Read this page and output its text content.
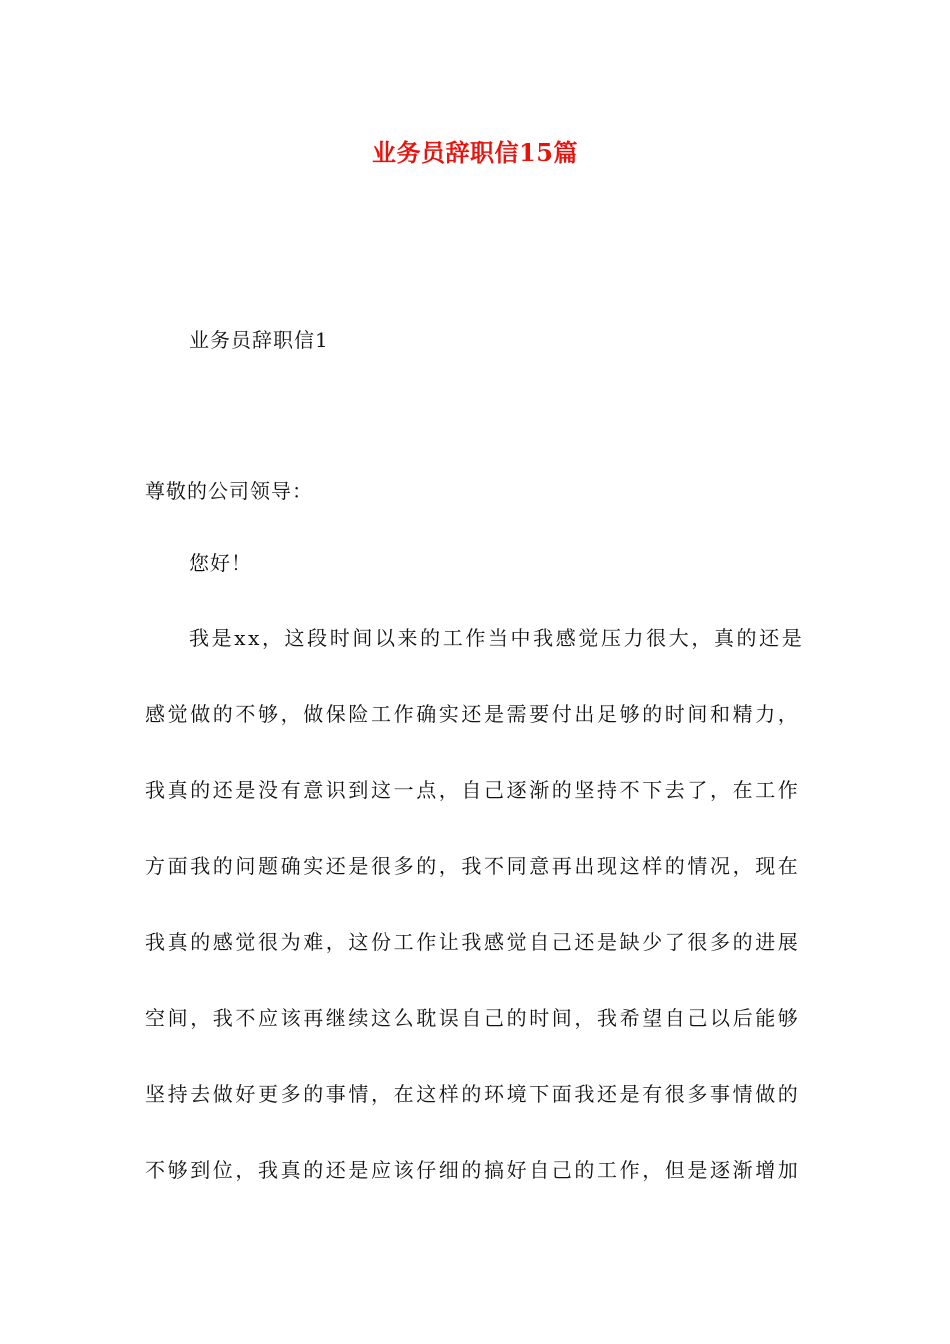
业务员辞职信15篇
业务员辞职信1
尊敬的公司领导：
您好！
我是xx，这段时间以来的工作当中我感觉压力很大，真的还是
感觉做的不够，做保险工作确实还是需要付出足够的时间和精力，
我真的还是没有意识到这一点，自己逐渐的坚持不下去了，在工作
方面我的问题确实还是很多的，我不同意再出现这样的情况，现在
我真的感觉很为难，这份工作让我感觉自己还是缺少了很多的进展
空间，我不应该再继续这么耽误自己的时间，我希望自己以后能够
坚持去做好更多的事情，在这样的环境下面我还是有很多事情做的
不够到位，我真的还是应该仔细的搞好自己的工作，但是逐渐增加
